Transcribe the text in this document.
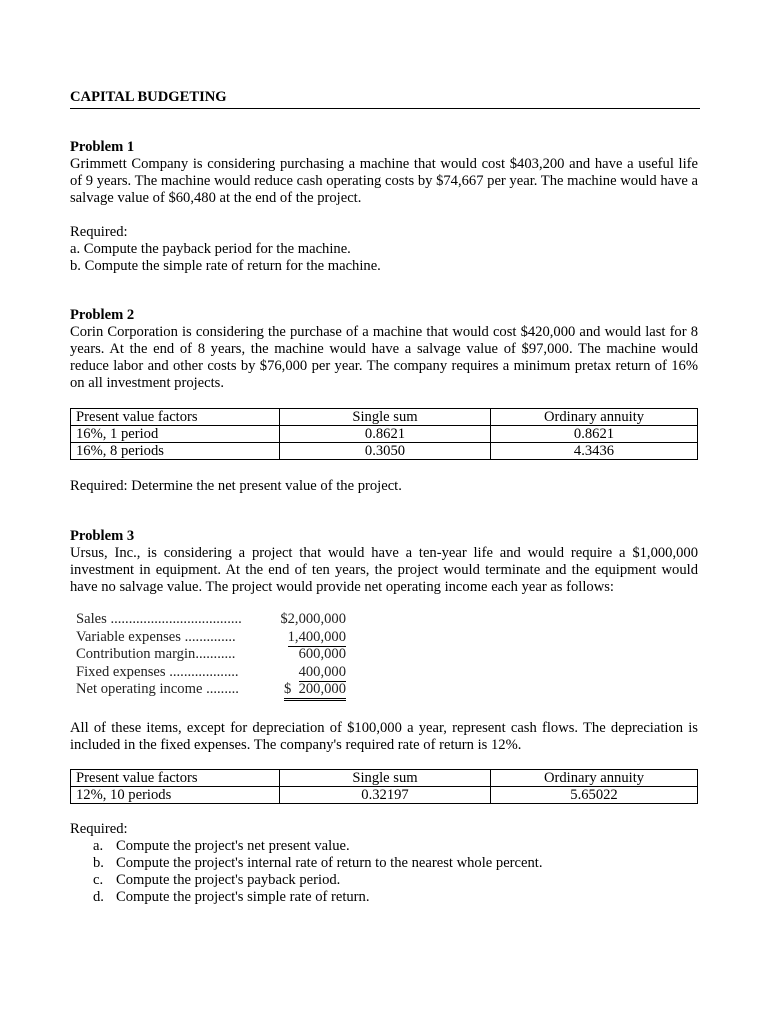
CAPITAL BUDGETING

Problem 1

Grimmett Company is considering purchasing a machine that would cost $403,200 and have a useful life of 9 years. The machine would reduce cash operating costs by $74,667 per year. The machine would have a salvage value of $60,480 at the end of the project.

Required:

a. Compute the payback period for the machine.

b. Compute the simple rate of return for the machine.

Problem 2

Corin Corporation is considering the purchase of a machine that would cost $420,000 and would last for 8 years. At the end of 8 years, the machine would have a salvage value of $97,000. The machine would reduce labor and other costs by $76,000 per year. The company requires a minimum pretax return of 16% on all investment projects.

Present value factors	Single sum	Ordinary annuity
16%, 1 period	0.8621	0.8621
16%, 8 periods	0.3050	4.3436

Required: Determine the net present value of the project.

Problem 3

Ursus, Inc., is considering a project that would have a ten-year life and would require a $1,000,000 investment in equipment. At the end of ten years, the project would terminate and the equipment would have no salvage value. The project would provide net operating income each year as follows:

Sales ....................................	$2,000,000
Variable expenses ..............	1,400,000
Contribution margin...........	600,000
Fixed expenses ...................	400,000
Net operating income .........	$  200,000

All of these items, except for depreciation of $100,000 a year, represent cash flows. The depreciation is included in the fixed expenses. The company's required rate of return is 12%.

Present value factors	Single sum	Ordinary annuity
12%, 10 periods	0.32197	5.65022

Required:

a. Compute the project's net present value.
b. Compute the project's internal rate of return to the nearest whole percent.
c. Compute the project's payback period.
d. Compute the project's simple rate of return.
